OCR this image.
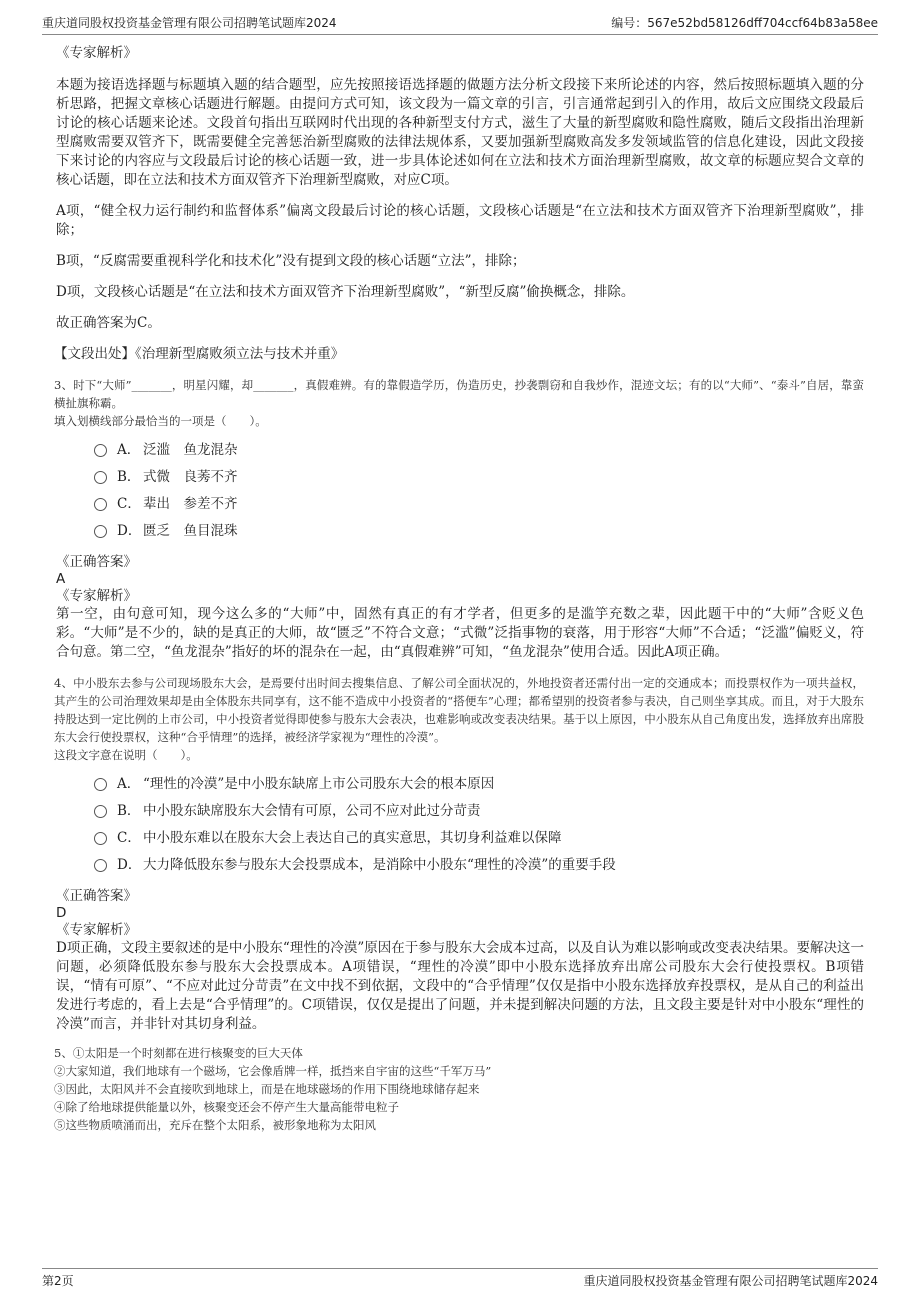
重庆道同股权投资基金管理有限公司招聘笔试题库2024	编号：567e52bd58126dff704ccf64b83a58ee

《专家解析》

本题为接语选择题与标题填入题的结合题型，应先按照接语选择题的做题方法分析文段接下来所论述的内容，然后按照标题填入题的分析思路，把握文章核心话题进行解题。由提问方式可知，该文段为一篇文章的引言，引言通常起到引入的作用，故后文应围绕文段最后讨论的核心话题来论述。文段首句指出互联网时代出现的各种新型支付方式，滋生了大量的新型腐败和隐性腐败，随后文段指出治理新型腐败需要双管齐下，既需要健全完善惩治新型腐败的法律法规体系，又要加强新型腐败高发多发领域监管的信息化建设，因此文段接下来讨论的内容应与文段最后讨论的核心话题一致，进一步具体论述如何在立法和技术方面治理新型腐败，故文章的标题应契合文章的核心话题，即在立法和技术方面双管齐下治理新型腐败，对应C项。

A项，“健全权力运行制约和监督体系”偏离文段最后讨论的核心话题，文段核心话题是“在立法和技术方面双管齐下治理新型腐败”，排除；

B项，“反腐需要重视科学化和技术化”没有提到文段的核心话题“立法”，排除；

D项，文段核心话题是“在立法和技术方面双管齐下治理新型腐败”，“新型反腐”偷换概念，排除。

故正确答案为C。

【文段出处】《治理新型腐败须立法与技术并重》

3、时下“大师”_______，明星闪耀，却_______，真假难辨。有的靠假造学历，伪造历史，抄袭剽窃和自我炒作，混迹文坛；有的以“大师”、“泰斗”自居，靠蛮横扯旗称霸。

填入划横线部分最恰当的一项是（　　）。

A． 泛滥　鱼龙混杂
B． 式微　良莠不齐
C． 辈出　参差不齐
D． 匮乏　鱼目混珠

《正确答案》

A

《专家解析》

第一空，由句意可知，现今这么多的“大师”中，固然有真正的有才学者，但更多的是滥竽充数之辈，因此题干中的“大师”含贬义色彩。“大师”是不少的，缺的是真正的大师，故“匮乏”不符合文意；“式微”泛指事物的衰落，用于形容“大师”不合适；“泛滥”偏贬义，符合句意。第二空，“鱼龙混杂”指好的坏的混杂在一起，由“真假难辨”可知，“鱼龙混杂”使用合适。因此A项正确。

4、中小股东去参与公司现场股东大会，是焉要付出时间去搜集信息、了解公司全面状况的，外地投资者还需付出一定的交通成本；而投票权作为一项共益权，其产生的公司治理效果却是由全体股东共同享有，这不能不造成中小投资者的“搭便车”心理；都希望别的投资者参与表决，自己则坐享其成。而且，对于大股东持股达到一定比例的上市公司，中小投资者觉得即使参与股东大会表决，也难影响或改变表决结果。基于以上原因，中小股东从自己角度出发，选择放弃出席股东大会行使投票权，这种“合乎情理”的选择，被经济学家视为“理性的冷漠”。

这段文字意在说明（　　）。

A． “理性的冷漠”是中小股东缺席上市公司股东大会的根本原因
B． 中小股东缺席股东大会情有可原，公司不应对此过分苛责
C． 中小股东难以在股东大会上表达自己的真实意思，其切身利益难以保障
D． 大力降低股东参与股东大会投票成本，是消除中小股东“理性的冷漠”的重要手段

《正确答案》

D

《专家解析》

D项正确，文段主要叙述的是中小股东“理性的冷漠”原因在于参与股东大会成本过高，以及自认为难以影响或改变表决结果。要解决这一问题，必须降低股东参与股东大会投票成本。A项错误，“理性的冷漠”即中小股东选择放弃出席公司股东大会行使投票权。B项错误，“情有可原”、“不应对此过分苛责”在文中找不到依据，文段中的“合乎情理”仅仅是指中小股东选择放弃投票权，是从自己的利益出发进行考虑的，看上去是“合乎情理”的。C项错误，仅仅是提出了问题，并未提到解决问题的方法，且文段主要是针对中小股东“理性的冷漠”而言，并非针对其切身利益。

5、①太阳是一个时刻都在进行核聚变的巨大天体

②大家知道，我们地球有一个磁场，它会像盾牌一样，抵挡来自宇宙的这些“千军万马”

③因此，太阳风并不会直接吹到地球上，而是在地球磁场的作用下围绕地球储存起来

④除了给地球提供能量以外，核聚变还会不停产生大量高能带电粒子

⑤这些物质喷涌而出，充斥在整个太阳系，被形象地称为太阳风

第2页	重庆道同股权投资基金管理有限公司招聘笔试题库2024
